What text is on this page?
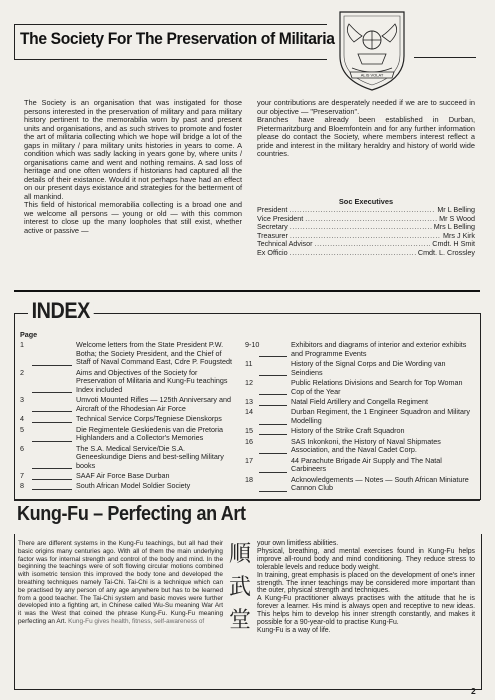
The Society For The Preservation of Militaria
ALIS VOLAT

The Society is an organisation that was instigated for those persons interested in the preservation of military and para military history pertinent to the memorabilia worn by past and present units and organisations, and as such strives to promote and foster the art of militaria collecting which we hope will bridge a lot of the gaps in military / para military units histories in years to come. A condition which was sadly lacking in years gone by, where units / organisations came and went and nothing remains. A sad loss of heritage and one often wonders if historians had captured all the details of their existance. Would it not perhaps have had an effect on our present days existance and strategies for the betterment of all mankind.

This field of historical memorabilia collecting is a broad one and we welcome all persons — young or old — with this common interest to close up the many loopholes that still exist, whether active or passive —

your contributions are desperately needed if we are to succeed in our objective — "Preservation".

Branches have already been established in Durban, Pietermaritzburg and Bloemfontein and for any further information please do contact the Society, where members interest reflect a pride and interest in the military heraldry and history of world wide countries.

Soc Executives
President .....	Mr L Belling
Vice President .....	Mr S Wood
Secretary .....	Mrs L Belling
Treasurer .....	Mrs J Kirk
Technical Advisor .....	Cmdt. H Smit
Ex Officio .....	Cmdt. L. Crossley
INDEX
Page
1	Welcome letters from the State President P.W. Botha; the Society President, and the Chief of Staff of Naval Command East, Cdre P. Fougstedt
2	Aims and Objectives of the Society for Preservation of Militaria and Kung-Fu teachings Index included
3	Umvoti Mounted Rifles — 125th Anniversary and Aircraft of the Rhodesian Air Force
4	Technical Service Corps/Tegniese Dienskorps
5	Die Regimentele Geskiedenis van die Pretoria Highlanders and a Collector's Memories
6	The S.A. Medical Service/Die S.A. Geneeskundige Diens and best-selling Military books
7	SAAF Air Force Base Durban
8	South African Model Soldier Society
9-10	Exhibitors and diagrams of interior and exterior exhibits and Programme Events
11	History of the Signal Corps and Die Wording van Seindiens
12	Public Relations Divisions and Search for Top Woman Cop of the Year
13	Natal Field Artillery and Congella Regiment
14	Durban Regiment, the 1 Engineer Squadron and Military Modelling
15	History of the Strike Craft Squadron
16	SAS Inkonkoni, the History of Naval Shipmates Association, and the Naval Cadet Corp.
17	44 Parachute Brigade Air Supply and The Natal Carbineers
18	Acknowledgements — Notes — South African Miniature Cannon Club
Kung-Fu – Perfecting an Art
There are different systems in the Kung-Fu teachings, but all had their basic origins many centuries ago. With all of them the main underlying factor was for internal strength and control of the body and mind. In the beginning the teachings were of soft flowing circular motions combined with isometric tension this improved the body tone and developed the breathing techniques namely Tai-Chi. Tai-Chi is a technique which can be practised by any person of any age anywhere but has to be learned from a good teacher. The Tai-Chi system and basic moves were further developed into a fighting art, in Chinese called Wu-Su meaning War Art it was the West that coined the phrase Kung-Fu. Kung-Fu meaning perfecting an Art. Kung-Fu gives health, fitness, self-awareness of
順
武
堂

your own limitless abilities.

Physical, breathing, and mental exercises found in Kung-Fu helps improve all-round body and mind conditioning. They reduce stress to tolerable levels and reduce body weight.

In training, great emphasis is placed on the development of one's inner strength. The inner teachings may be considered more important than the outer, physical strength and techniques.

A Kung-Fu practitioner always practises with the attitude that he is forever a learner. His mind is always open and receptive to new ideas. This helps him to develop his inner strength constantly, and makes it possible for a 90-year-old to practise Kung-Fu.

Kung-Fu is a way of life.

2
